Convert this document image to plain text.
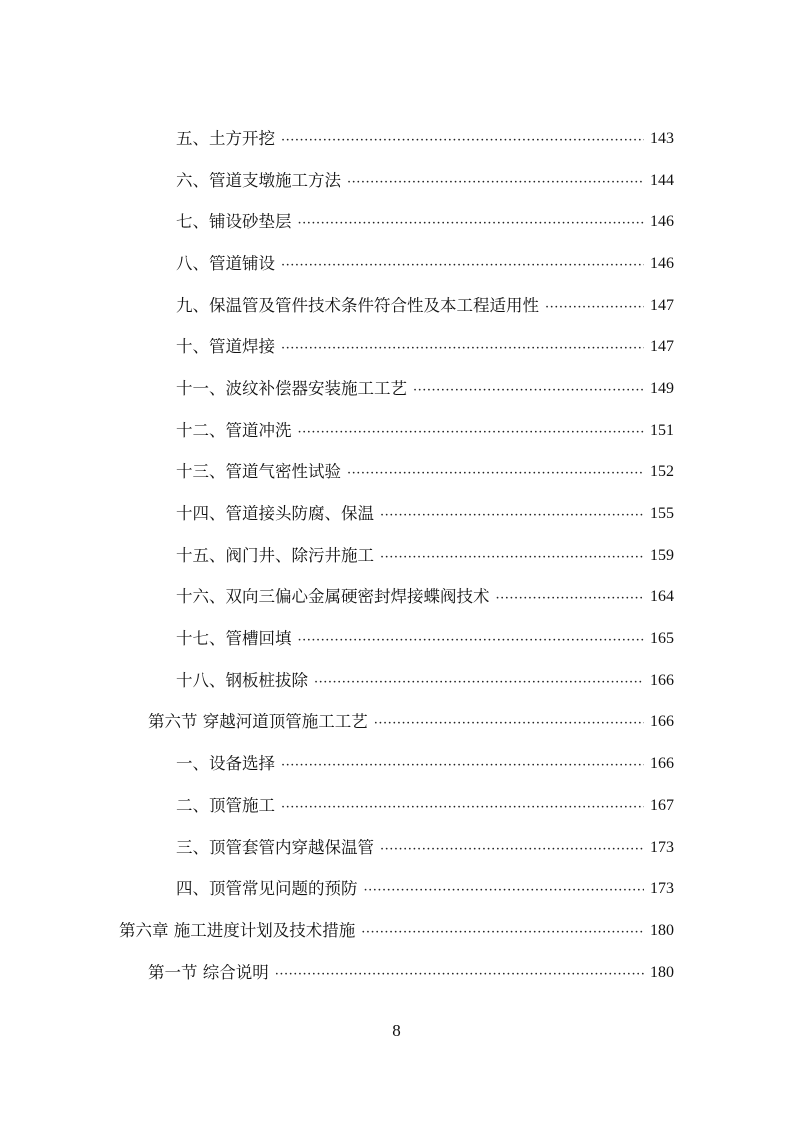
五、土方开挖 ·····	143
六、管道支墩施工方法 ·····	144
七、铺设砂垫层 ·····	146
八、管道铺设 ·····	146
九、保温管及管件技术条件符合性及本工程适用性 ·····	147
十、管道焊接 ·····	147
十一、波纹补偿器安装施工工艺 ·····	149
十二、管道冲洗 ·····	151
十三、管道气密性试验 ·····	152
十四、管道接头防腐、保温 ·····	155
十五、阀门井、除污井施工 ·····	159
十六、双向三偏心金属硬密封焊接蝶阀技术 ·····	164
十七、管槽回填 ·····	165
十八、钢板桩拔除 ·····	166
第六节 穿越河道顶管施工工艺 ·····	166
一、设备选择 ·····	166
二、顶管施工 ·····	167
三、顶管套管内穿越保温管 ·····	173
四、顶管常见问题的预防 ·····	173
第六章 施工进度计划及技术措施 ·····	180
第一节 综合说明 ·····	180
8
